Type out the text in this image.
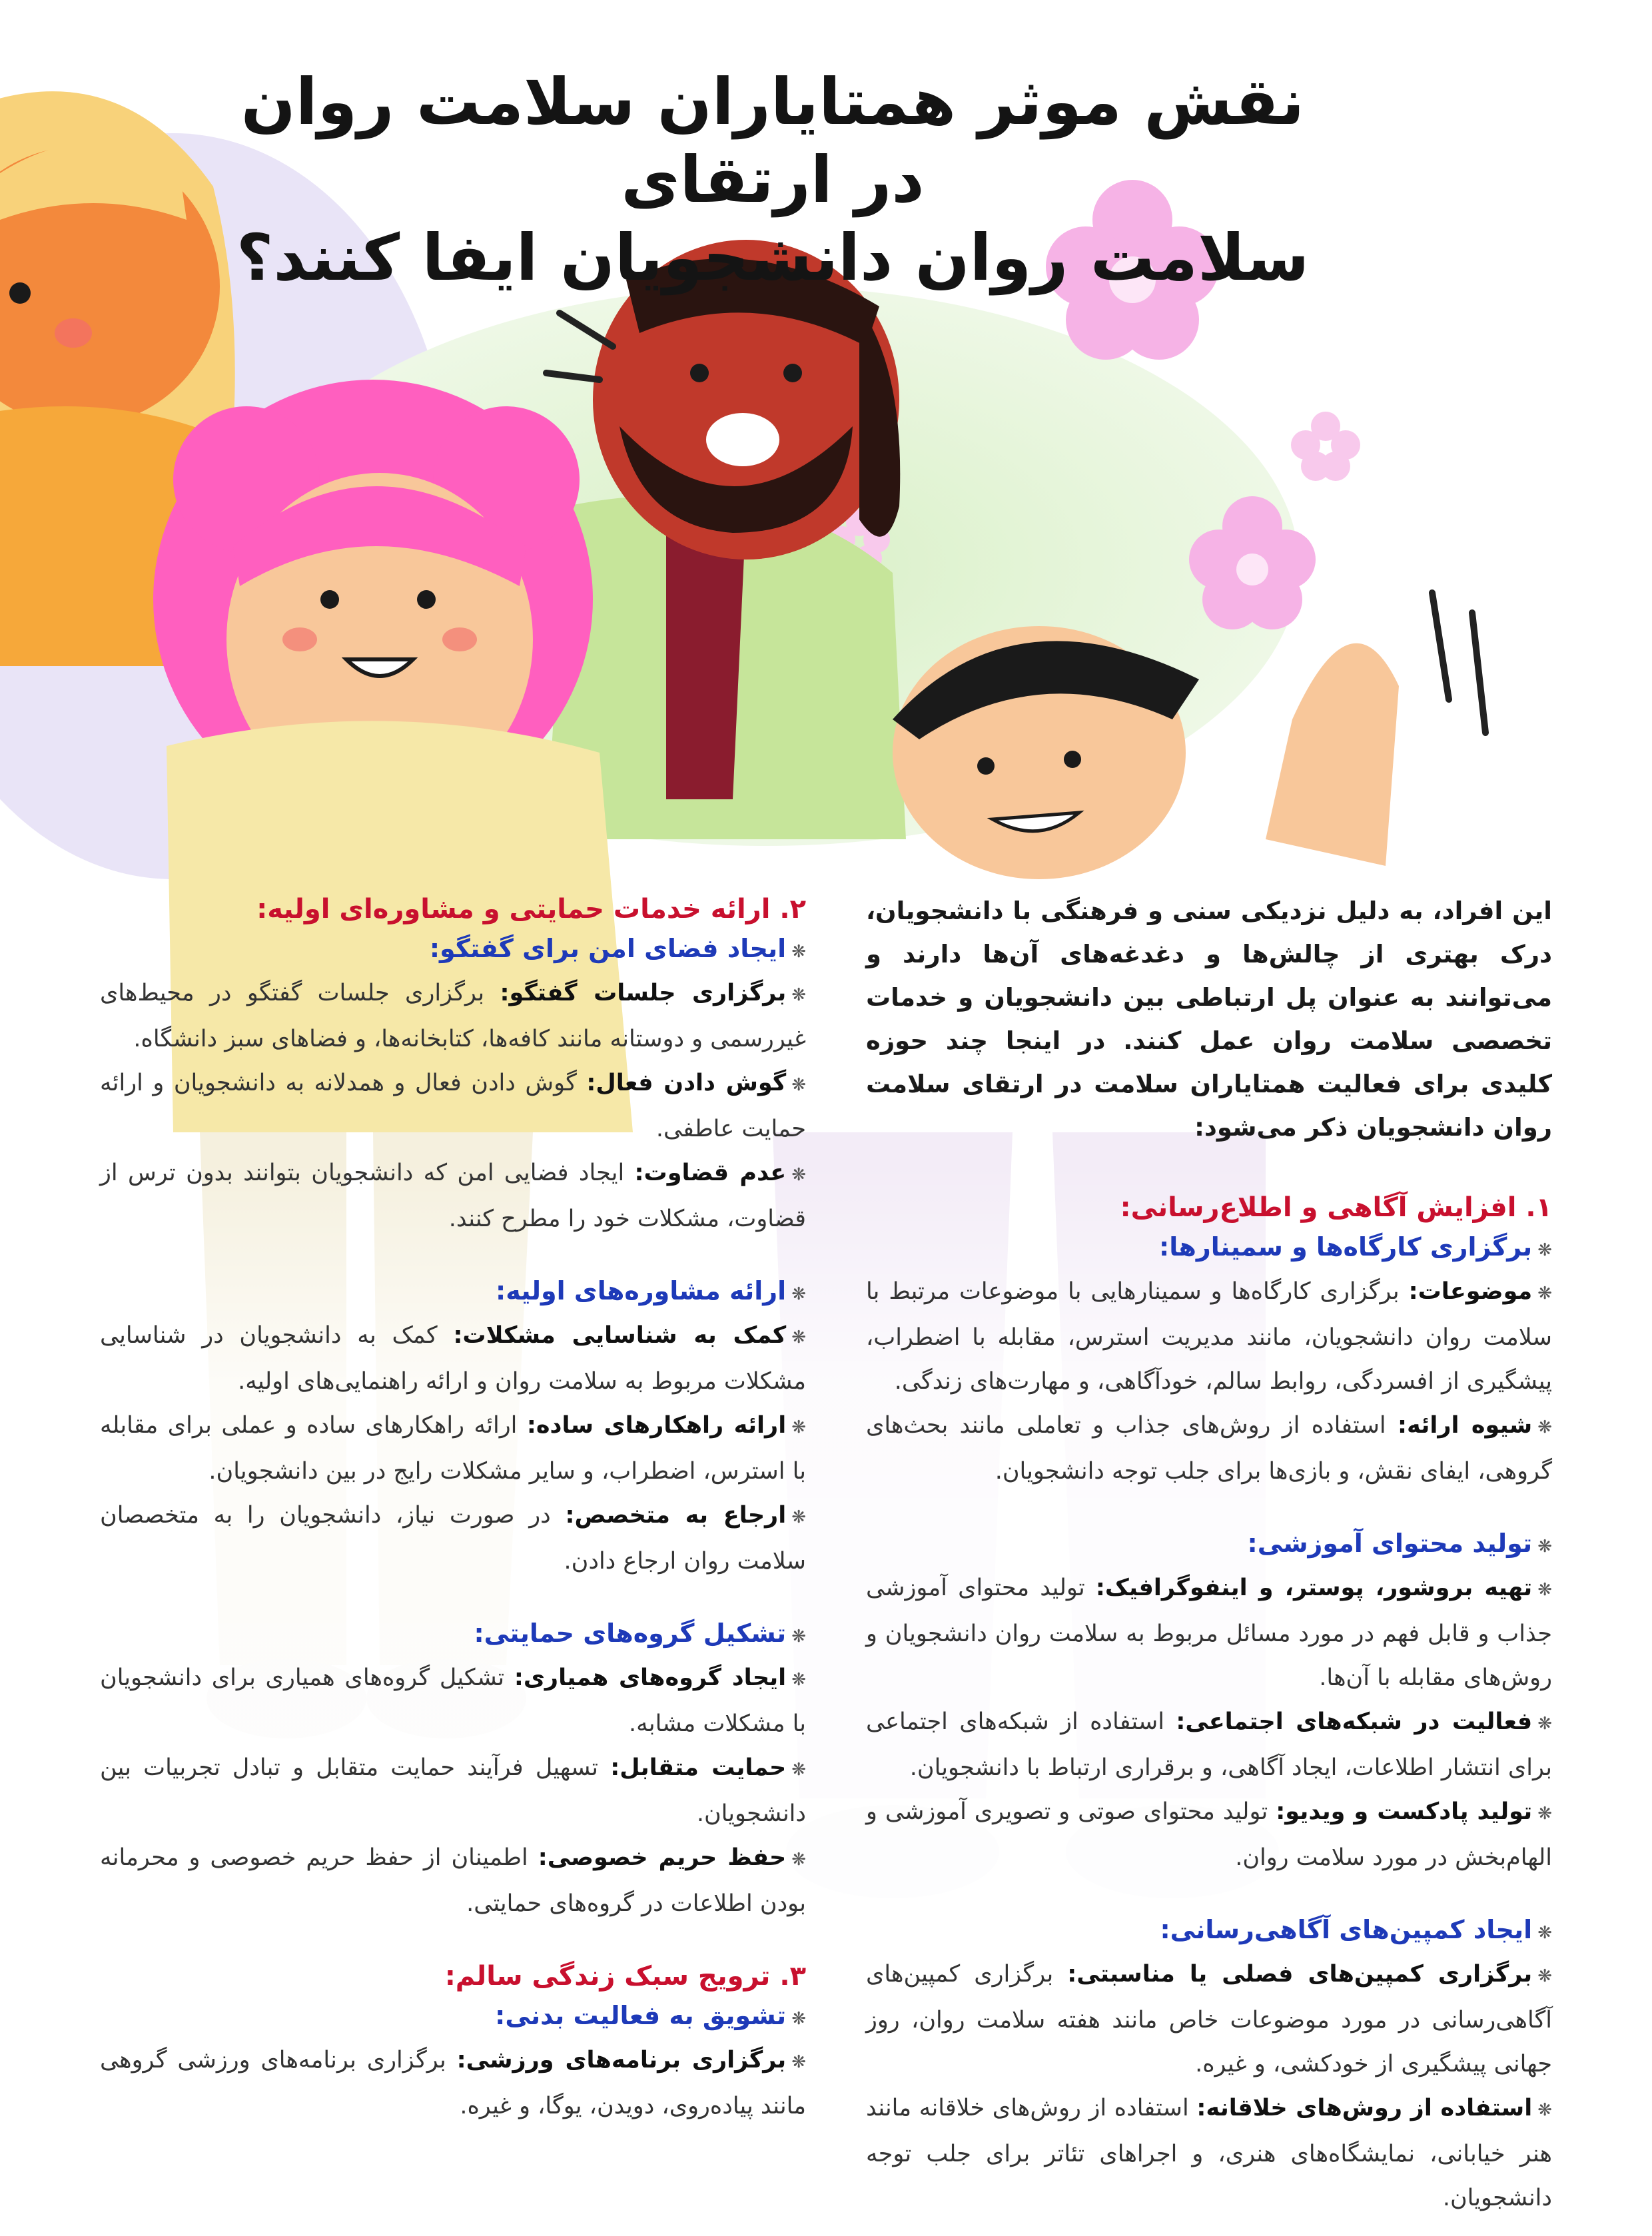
نقش موثر همتایاران سلامت روان در ارتقای
سلامت روان دانشجویان ایفا کنند؟

این افراد، به دلیل نزدیکی سنی و فرهنگی با دانشجویان، درک بهتری از چالش‌ها و دغدغه‌های آن‌ها دارند و می‌توانند به عنوان پل ارتباطی بین دانشجویان و خدمات تخصصی سلامت روان عمل کنند. در اینجا چند حوزه کلیدی برای فعالیت همتایاران سلامت در ارتقای سلامت روان دانشجویان ذکر می‌شود:

۱. افزایش آگاهی و اطلاع‌رسانی:

❋برگزاری کارگاه‌ها و سمینارها:

❋موضوعات: برگزاری کارگاه‌ها و سمینارهایی با موضوعات مرتبط با سلامت روان دانشجویان، مانند مدیریت استرس، مقابله با اضطراب، پیشگیری از افسردگی، روابط سالم، خودآگاهی، و مهارت‌های زندگی.

❋شیوه ارائه: استفاده از روش‌های جذاب و تعاملی مانند بحث‌های گروهی، ایفای نقش، و بازی‌ها برای جلب توجه دانشجویان.

❋تولید محتوای آموزشی:

❋تهیه بروشور، پوستر، و اینفوگرافیک: تولید محتوای آموزشی جذاب و قابل فهم در مورد مسائل مربوط به سلامت روان دانشجویان و روش‌های مقابله با آن‌ها.

❋فعالیت در شبکه‌های اجتماعی: استفاده از شبکه‌های اجتماعی برای انتشار اطلاعات، ایجاد آگاهی، و برقراری ارتباط با دانشجویان.

❋تولید پادکست و ویدیو: تولید محتوای صوتی و تصویری آموزشی و الهام‌بخش در مورد سلامت روان.

❋ایجاد کمپین‌های آگاهی‌رسانی:

❋برگزاری کمپین‌های فصلی یا مناسبتی: برگزاری کمپین‌های آگاهی‌رسانی در مورد موضوعات خاص مانند هفته سلامت روان، روز جهانی پیشگیری از خودکشی، و غیره.

❋استفاده از روش‌های خلاقانه: استفاده از روش‌های خلاقانه مانند هنر خیابانی، نمایشگاه‌های هنری، و اجراهای تئاتر برای جلب توجه دانشجویان.

۲. ارائه خدمات حمایتی و مشاوره‌ای اولیه:

❋ایجاد فضای امن برای گفتگو:

❋برگزاری جلسات گفتگو: برگزاری جلسات گفتگو در محیط‌های غیررسمی و دوستانه مانند کافه‌ها، کتابخانه‌ها، و فضاهای سبز دانشگاه.

❋گوش دادن فعال: گوش دادن فعال و همدلانه به دانشجویان و ارائه حمایت عاطفی.

❋عدم قضاوت: ایجاد فضایی امن که دانشجویان بتوانند بدون ترس از قضاوت، مشکلات خود را مطرح کنند.

❋ارائه مشاوره‌های اولیه:

❋کمک به شناسایی مشکلات: کمک به دانشجویان در شناسایی مشکلات مربوط به سلامت روان و ارائه راهنمایی‌های اولیه.

❋ارائه راهکارهای ساده: ارائه راهکارهای ساده و عملی برای مقابله با استرس، اضطراب، و سایر مشکلات رایج در بین دانشجویان.

❋ارجاع به متخصص: در صورت نیاز، دانشجویان را به متخصصان سلامت روان ارجاع دادن.

❋تشکیل گروه‌های حمایتی:

❋ایجاد گروه‌های همیاری: تشکیل گروه‌های همیاری برای دانشجویان با مشکلات مشابه.

❋حمایت متقابل: تسهیل فرآیند حمایت متقابل و تبادل تجربیات بین دانشجویان.

❋حفظ حریم خصوصی: اطمینان از حفظ حریم خصوصی و محرمانه بودن اطلاعات در گروه‌های حمایتی.

۳. ترویج سبک زندگی سالم:

❋تشویق به فعالیت بدنی:

❋برگزاری برنامه‌های ورزشی: برگزاری برنامه‌های ورزشی گروهی مانند پیاده‌روی، دویدن، یوگا، و غیره.
